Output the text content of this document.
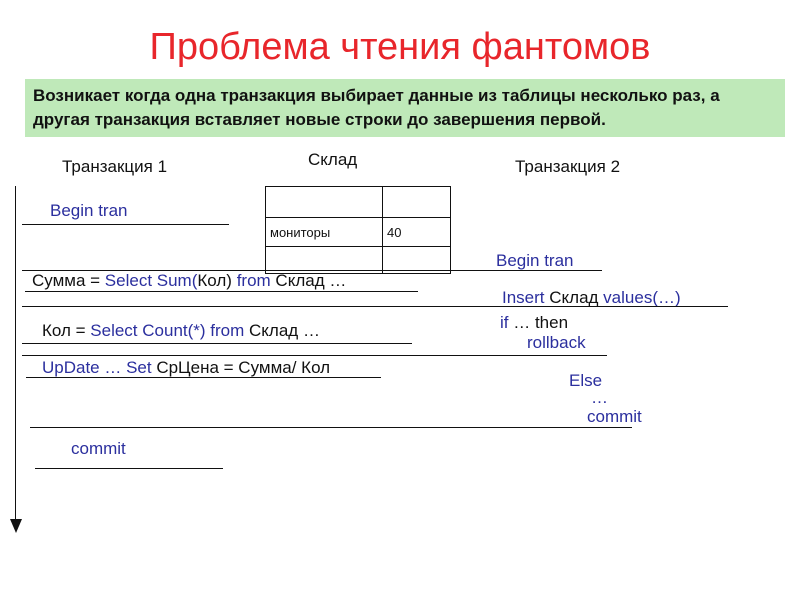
Проблема чтения фантомов
Возникает когда одна транзакция выбирает данные из таблицы несколько раз, а другая транзакция вставляет новые строки до завершения первой.
Транзакция 1	Склад	Транзакция 2

мониторы	40

Begin tran
Сумма = Select Sum(Кол) from Склад …
Кол = Select Count(*) from Склад …
UpDate … Set СрЦена = Сумма/ Кол
commit
Begin tran
Insert Склад values(…)
if … then
rollback
Else
…
commit
